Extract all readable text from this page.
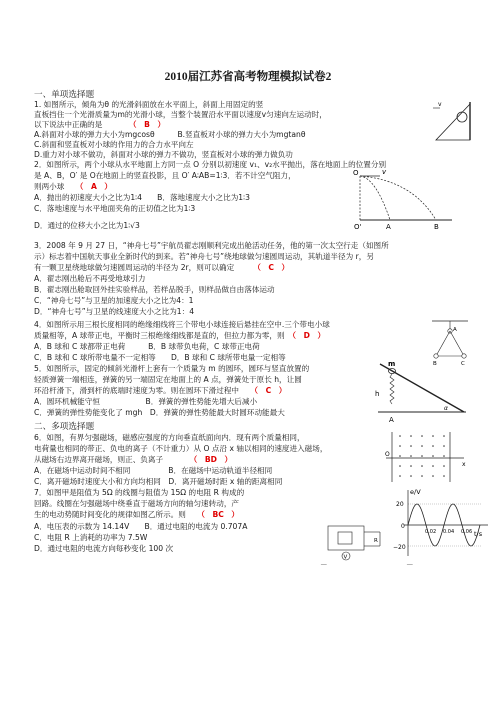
2010届江苏省高考物理模拟试卷2
一、单项选择题
1. 如图所示，倾角为θ 的光滑斜面放在水平面上，斜面上用固定的竖
直板挡住一个光滑质量为m的光滑小球，当整个装置沿水平面以速度v匀速向左运动时，
以下说法中正确的是　　　　	（　B　）
A.斜面对小球的弹力大小为mgcosθ　　　	B.竖直板对小球的弹力大小为mgtanθ
C.斜面和竖直板对小球的作用力的合力水平向左
D.重力对小球不做功，斜面对小球的弹力不做功，竖直板对小球的弹力做负功
v
2．如图所示，两个小球从水平地面上方同一点 O 分别以初速度 v₁、v₂水平抛出，落在地面上的位置分别
是 A、B，O′ 是 O在地面上的竖直投影，且 O′ A∶AB=1∶3．若不计空气阻力，
则两小球　　 （　A　）
A．抛出的初速度大小之比为1∶4　　B．落地速度大小之比为1∶3
C．落地速度与水平地面夹角的正切值之比为1∶3
D．通过的位移大小之比为1∶√3
O	v
O'	A	B
3．2008 年 9 月 27 日，“神舟七号”宇航员翟志刚顺利完成出舱活动任务，他的第一次太空行走（如图所
示）标志着中国航天事业全新时代的到来。若“神舟七号”绕地球做匀速圆周运动，其轨道半径为 r，另
有一颗卫星绕地球做匀速圆周运动的半径为 2r，则可以确定　　　	（　C　）
A．翟志刚出舱后不再受地球引力
B．翟志刚出舱取回外挂实验样品，若样品脱手，则样品做自由落体运动
C．“神舟七号”与卫星的加速度大小之比为4：1
D．“神舟七号”与卫星的线速度大小之比为1：4
4．如图所示用三根长度相同的绝缘细线将三个带电小球连接后悬挂在空中.三个带电小球
质量相等，A 球带正电，平衡时三根绝缘细线都是直的，但拉力都为零，则　 （　D　）
A．B 球和 C 球都带正电荷　　　B．B 球带负电荷，C 球带正电荷
C．B 球和 C 球所带电量不一定相等　　D．B 球和 C 球所带电量一定相等
A
B	C
5．如图所示，固定的倾斜光滑杆上套有一个质量为 m 的圆环，圆环与竖直放置的
轻质弹簧一端相连，弹簧的另一端固定在地面上的 A 点，弹簧处于原长 h，让圆
环沿杆滑下，滑到杆的底端时速度为零。则在圆环下滑过程中　　 （　C　）
A．圆环机械能守恒　　　　　　	B．弹簧的弹性势能先增大后减小
C．弹簧的弹性势能变化了 mgh　 D．弹簧的弹性势能最大时圆环动能最大
m
h
A
α
二、多项选择题
6．如图，有界匀强磁场，磁感应强度的方向垂直纸面向内．现有两个质量相同，
电荷量也相同的带正、负电的离子（不计重力）从 O 点沿 x 轴以相同的速度进入磁场，
从磁场右边界离开磁场，则正、负离子　　　　	（　BD　）
A．在磁场中运动时间不相同　　　　　	B．在磁场中运动轨道半径相同
C．离开磁场时速度大小和方向均相同　 D．离开磁场时距 x 轴的距离相同
O
x
7．如图甲是阻值为 5Ω 的线圈与阻值为 15Ω 的电阻 R 构成的
回路。线圈在匀强磁场中绕垂直于磁场方向的轴匀速转动，产
生的电动势随时间变化的规律如图乙所示。则　　 （　BC　）
A．电压表的示数为 14.14V　　 B．通过电阻的电流为 0.707A
C．电阻 R 上消耗的功率为 7.5W
D．通过电阻的电流方向每秒变化 100 次
V
R
e/V
t/s
20
0
−20
0.02 0.04 0.06
－	－
